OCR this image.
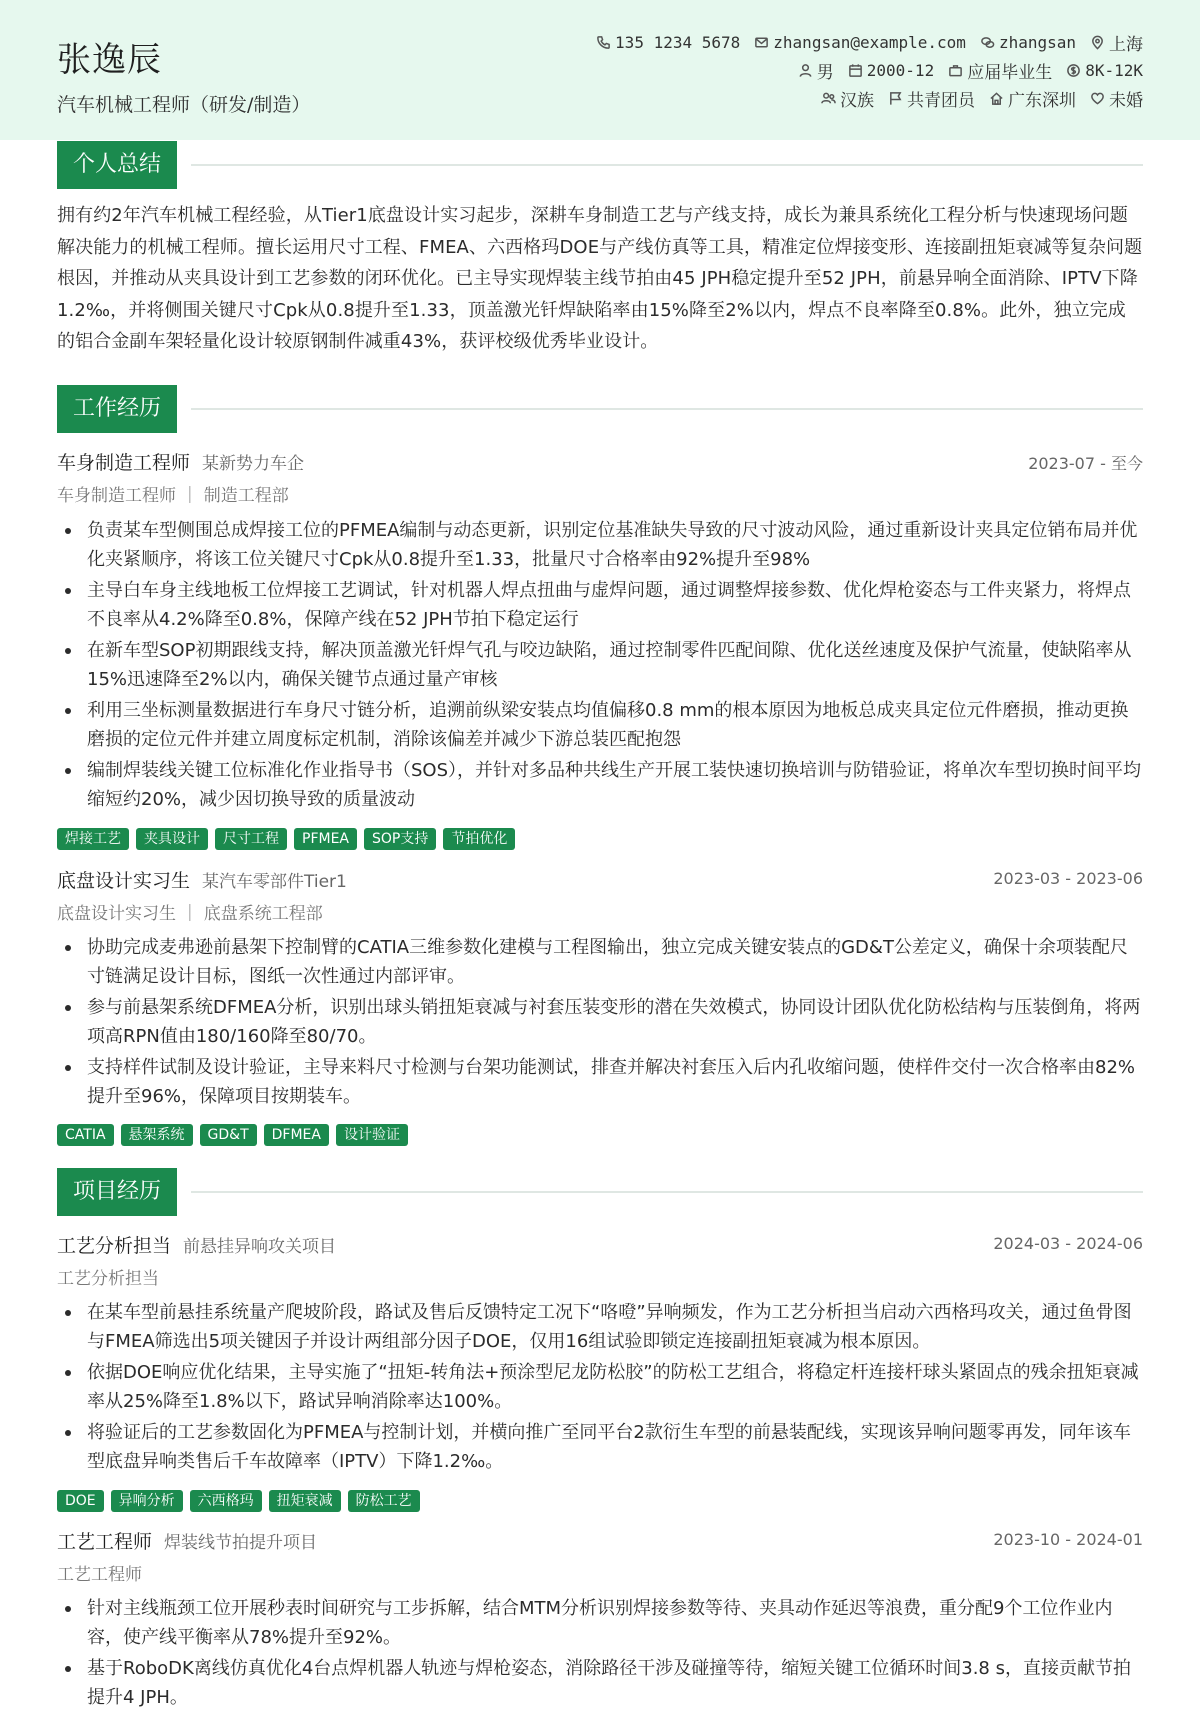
张逸辰
汽车机械工程师（研发/制造）
135 1234 5678 zhangsan@example.com zhangsan 上海
男 2000-12 应届毕业生 8K-12K
汉族 共青团员 广东深圳 未婚
个人总结
拥有约2年汽车机械工程经验，从Tier1底盘设计实习起步，深耕车身制造工艺与产线支持，成长为兼具系统化工程分析与快速现场问题解决能力的机械工程师。擅长运用尺寸工程、FMEA、六西格玛DOE与产线仿真等工具，精准定位焊接变形、连接副扭矩衰减等复杂问题根因，并推动从夹具设计到工艺参数的闭环优化。已主导实现焊装主线节拍由45 JPH稳定提升至52 JPH，前悬异响全面消除、IPTV下降1.2‰，并将侧围关键尺寸Cpk从0.8提升至1.33，顶盖激光钎焊缺陷率由15%降至2%以内，焊点不良率降至0.8%。此外，独立完成的铝合金副车架轻量化设计较原钢制件减重43%，获评校级优秀毕业设计。
工作经历
车身制造工程师 某新势力车企	2023-07 - 至今
车身制造工程师 ｜ 制造工程部
负责某车型侧围总成焊接工位的PFMEA编制与动态更新，识别定位基准缺失导致的尺寸波动风险，通过重新设计夹具定位销布局并优化夹紧顺序，将该工位关键尺寸Cpk从0.8提升至1.33，批量尺寸合格率由92%提升至98%
主导白车身主线地板工位焊接工艺调试，针对机器人焊点扭曲与虚焊问题，通过调整焊接参数、优化焊枪姿态与工件夹紧力，将焊点不良率从4.2%降至0.8%，保障产线在52 JPH节拍下稳定运行
在新车型SOP初期跟线支持，解决顶盖激光钎焊气孔与咬边缺陷，通过控制零件匹配间隙、优化送丝速度及保护气流量，使缺陷率从15%迅速降至2%以内，确保关键节点通过量产审核
利用三坐标测量数据进行车身尺寸链分析，追溯前纵梁安装点均值偏移0.8 mm的根本原因为地板总成夹具定位元件磨损，推动更换磨损的定位元件并建立周度标定机制，消除该偏差并减少下游总装匹配抱怨
编制焊装线关键工位标准化作业指导书（SOS），并针对多品种共线生产开展工装快速切换培训与防错验证，将单次车型切换时间平均缩短约20%，减少因切换导致的质量波动
焊接工艺	夹具设计	尺寸工程	PFMEA	SOP支持	节拍优化
底盘设计实习生 某汽车零部件Tier1	2023-03 - 2023-06
底盘设计实习生 ｜ 底盘系统工程部
协助完成麦弗逊前悬架下控制臂的CATIA三维参数化建模与工程图输出，独立完成关键安装点的GD&T公差定义，确保十余项装配尺寸链满足设计目标，图纸一次性通过内部评审。
参与前悬架系统DFMEA分析，识别出球头销扭矩衰减与衬套压装变形的潜在失效模式，协同设计团队优化防松结构与压装倒角，将两项高RPN值由180/160降至80/70。
支持样件试制及设计验证，主导来料尺寸检测与台架功能测试，排查并解决衬套压入后内孔收缩问题，使样件交付一次合格率由82%提升至96%，保障项目按期装车。
CATIA	悬架系统	GD&T	DFMEA	设计验证
项目经历
工艺分析担当 前悬挂异响攻关项目	2024-03 - 2024-06
工艺分析担当
在某车型前悬挂系统量产爬坡阶段，路试及售后反馈特定工况下“咯噔”异响频发，作为工艺分析担当启动六西格玛攻关，通过鱼骨图与FMEA筛选出5项关键因子并设计两组部分因子DOE，仅用16组试验即锁定连接副扭矩衰减为根本原因。
依据DOE响应优化结果，主导实施了“扭矩-转角法+预涂型尼龙防松胶”的防松工艺组合，将稳定杆连接杆球头紧固点的残余扭矩衰减率从25%降至1.8%以下，路试异响消除率达100%。
将验证后的工艺参数固化为PFMEA与控制计划，并横向推广至同平台2款衍生车型的前悬装配线，实现该异响问题零再发，同年该车型底盘异响类售后千车故障率（IPTV）下降1.2‰。
DOE	异响分析	六西格玛	扭矩衰减	防松工艺
工艺工程师 焊装线节拍提升项目	2023-10 - 2024-01
工艺工程师
针对主线瓶颈工位开展秒表时间研究与工步拆解，结合MTM分析识别焊接参数等待、夹具动作延迟等浪费，重分配9个工位作业内容，使产线平衡率从78%提升至92%。
基于RoboDK离线仿真优化4台点焊机器人轨迹与焊枪姿态，消除路径干涉及碰撞等待，缩短关键工位循环时间3.8 s，直接贡献节拍提升4 JPH。
